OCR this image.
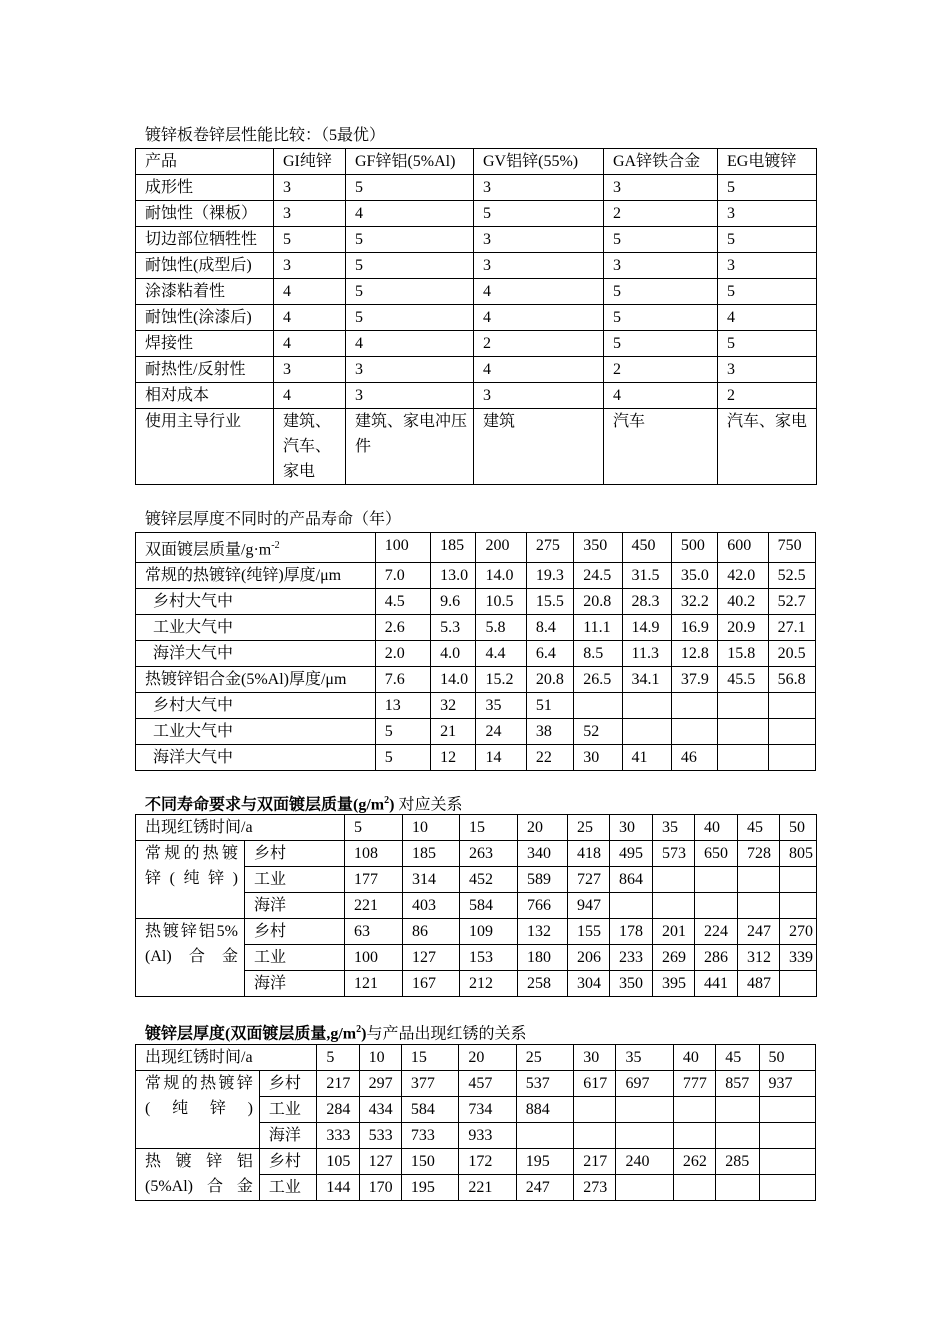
镀锌板卷锌层性能比较：（5最优）
产品	GI纯锌	GF锌铝(5%Al)	GV铝锌(55%)	GA锌铁合金	EG电镀锌
成形性	3	5	3	3	5
耐蚀性（裸板）	3	4	5	2	3
切边部位牺牲性	5	5	3	5	5
耐蚀性(成型后)	3	5	3	3	3
涂漆粘着性	4	5	4	5	5
耐蚀性(涂漆后)	4	5	4	5	4
焊接性	4	4	2	5	5
耐热性/反射性	3	3	4	2	3
相对成本	4	3	3	4	2
使用主导行业	建筑、汽车、家电	建筑、家电冲压件	建筑	汽车	汽车、家电
镀锌层厚度不同时的产品寿命（年）
双面镀层质量$/g\cdot m^{-2}$	100	185	200	275	350	450	500	600	750
常规的热镀锌(纯锌)厚度/μm	7.0	13.0	14.0	19.3	24.5	31.5	35.0	42.0	52.5
乡村大气中	4.5	9.6	10.5	15.5	20.8	28.3	32.2	40.2	52.7
工业大气中	2.6	5.3	5.8	8.4	11.1	14.9	16.9	20.9	27.1
海洋大气中	2.0	4.0	4.4	6.4	8.5	11.3	12.8	15.8	20.5
热镀锌铝合金(5%Al)厚度/μm	7.6	14.0	15.2	20.8	26.5	34.1	37.9	45.5	56.8
乡村大气中	13	32	35	51					
工业大气中	5	21	24	38	52				
海洋大气中	5	12	14	22	30	41	46		
不同寿命要求与双面镀层质量$(g/m^2)$ 对应关系
出现红锈时间/a		5	10	15	20	25	30	35	40	45	50
常规的热镀锌(纯锌)	乡村	108	185	263	340	418	495	573	650	728	805
	工业	177	314	452	589	727	864				
	海洋	221	403	584	766	947					
热镀锌铝5%(Al)合金	乡村	63	86	109	132	155	178	201	224	247	270
	工业	100	127	153	180	206	233	269	286	312	339
	海洋	121	167	212	258	304	350	395	441	487	
镀锌层厚度(双面镀层质量$,g/m^2$)与产品出现红锈的关系
出现红锈时间/a		5	10	15	20	25	30	35	40	45	50
常规的热镀锌(纯锌)	乡村	217	297	377	457	537	617	697	777	857	937
	工业	284	434	584	734	884					
	海洋	333	533	733	933						
热镀锌铝(5%Al)合金	乡村	105	127	150	172	195	217	240	262	285	
	工业	144	170	195	221	247	273				
